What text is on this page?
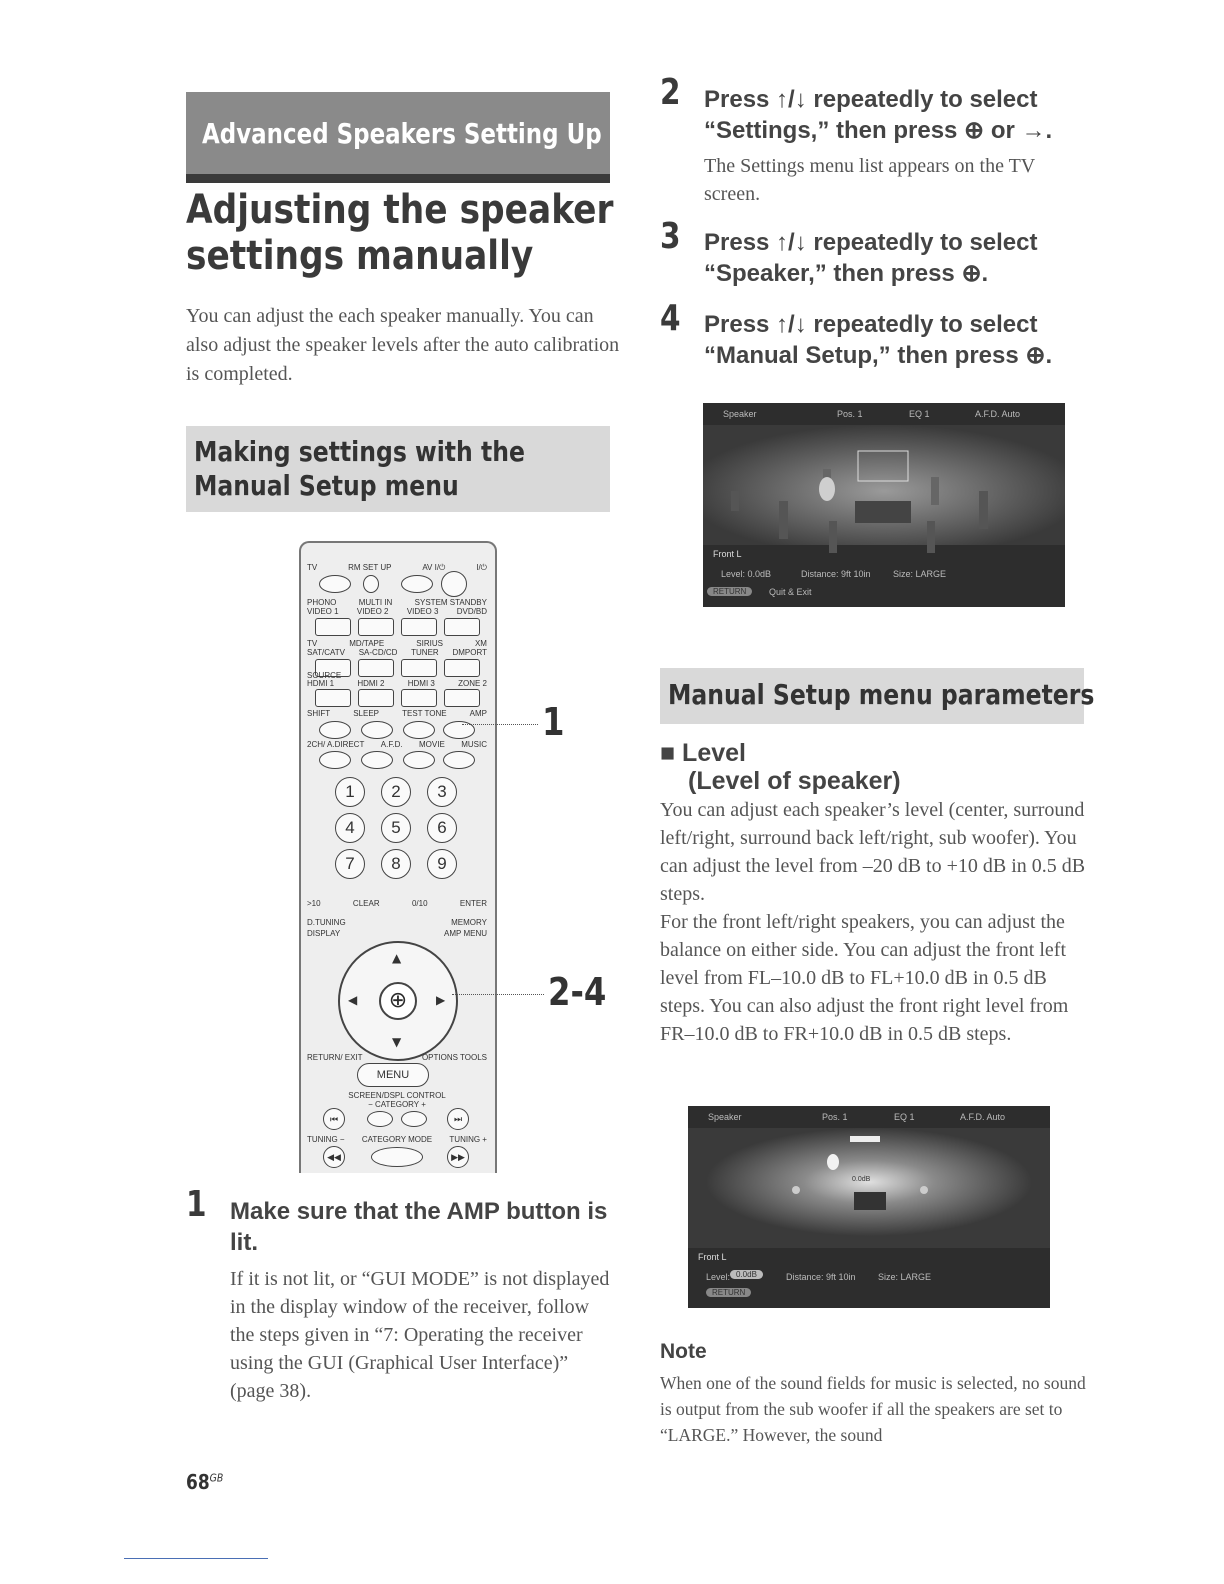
Advanced Speakers Setting Up
Adjusting the speaker
settings manually
You can adjust the each speaker manually. You can also adjust the speaker levels after the auto calibration is completed.
Making settings with the
Manual Setup menu
TV	RM SET UP	AV I/⏻	I/⏻
PHONO	MULTI IN	SYSTEM STANDBY
VIDEO 1 VIDEO 2 VIDEO 3 DVD/BD
TV	MD/TAPE	SIRIUS	XM
SAT/CATV SA-CD/CD TUNER DMPORT
SOURCE
HDMI 1	HDMI 2	HDMI 3	ZONE 2
SHIFT	SLEEP	TEST TONE	AMP
2CH/ A.DIRECT A.F.D. MOVIE MUSIC
1	2	3
4	5	6
7	8	9
>10	CLEAR	0/10	ENTER
D.TUNING	MEMORY
DISPLAY	AMP MENU
▲
▼
◀	▶
⊕
RETURN/ EXIT	OPTIONS TOOLS
MENU
SCREEN/DSPL CONTROL
− CATEGORY +
⏮	⏭
TUNING − CATEGORY MODE TUNING +
◀◀	▶▶
1
2-4
1 Make sure that the AMP button is lit.
If it is not lit, or “GUI MODE” is not displayed in the display window of the receiver, follow the steps given in “7: Operating the receiver using the GUI (Graphical User Interface)” (page 38).
2 Press ↑/↓ repeatedly to select
“Settings,” then press ⊕ or →.
The Settings menu list appears on the TV screen.
3 Press ↑/↓ repeatedly to select
“Speaker,” then press ⊕.
4 Press ↑/↓ repeatedly to select
“Manual Setup,” then press ⊕.
Speaker	Pos. 1	EQ 1	A.F.D. Auto
Front L
Level: 0.0dB	Distance: 9ft 10in Size: LARGE
RETURN	Quit & Exit
Manual Setup menu parameters
■ Level
(Level of speaker)
You can adjust each speaker’s level (center, surround left/right, surround back left/right, sub woofer). You can adjust the level from –20 dB to +10 dB in 0.5 dB steps.
For the front left/right speakers, you can adjust the balance on either side. You can adjust the front left level from FL–10.0 dB to FL+10.0 dB in 0.5 dB steps. You can also adjust the front right level from FR–10.0 dB to FR+10.0 dB in 0.5 dB steps.
Speaker	Pos. 1	EQ 1	A.F.D. Auto
0.0dB
Front L
Level: 0.0dB	Distance: 9ft 10in Size: LARGE
RETURN
Note
When one of the sound fields for music is selected, no sound is output from the sub woofer if all the speakers are set to “LARGE.” However, the sound
$68^{GB}$
